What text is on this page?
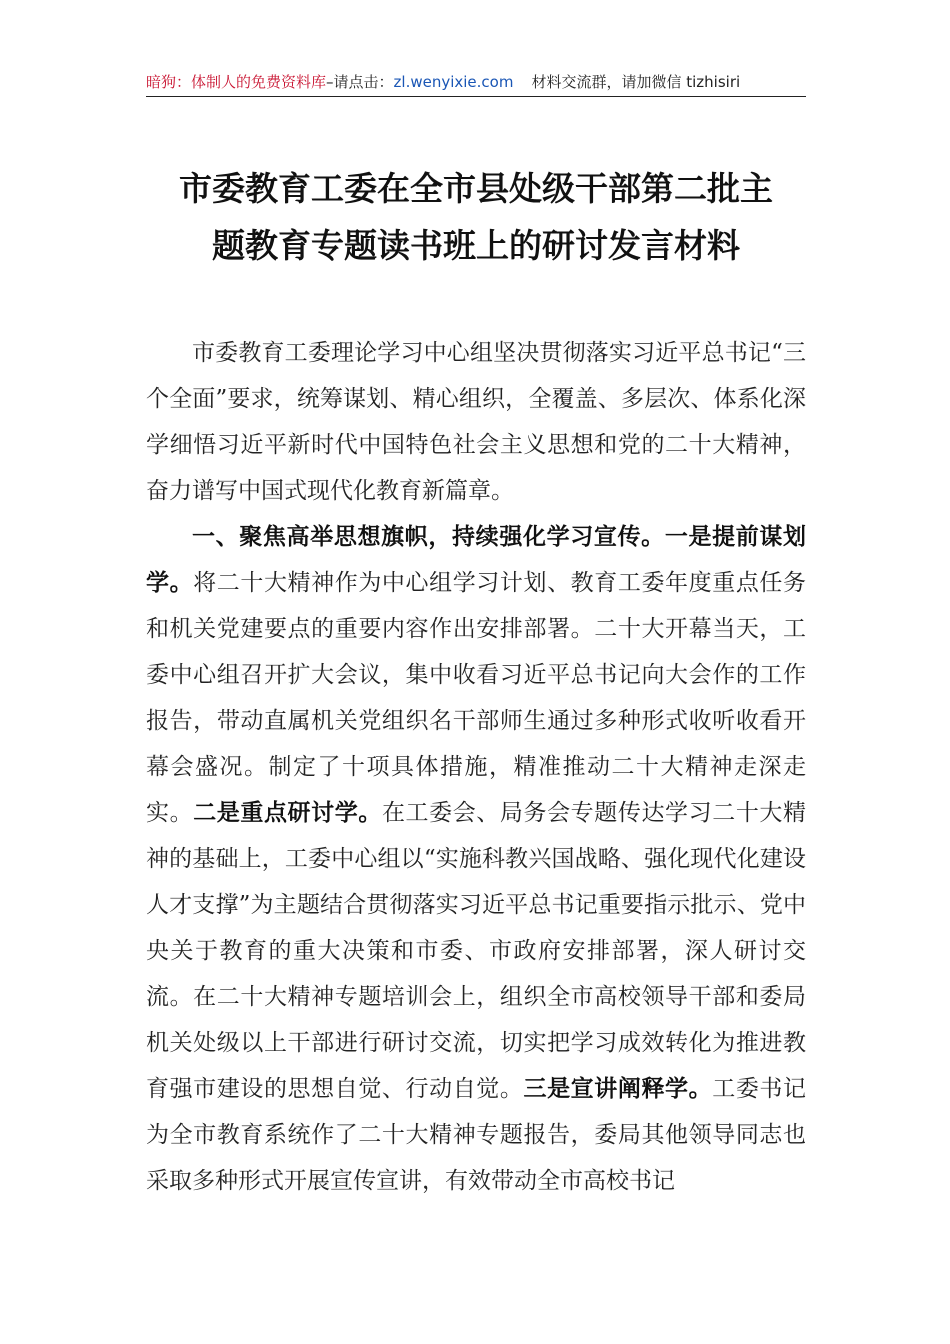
暗狗：体制人的免费资料库–请点击：zl.wenyixie.com 材料交流群，请加微信 tizhisiri
市委教育工委在全市县处级干部第二批主
题教育专题读书班上的研讨发言材料

市委教育工委理论学习中心组坚决贯彻落实习近平总书记“三个全面”要求，统筹谋划、精心组织，全覆盖、多层次、体系化深学细悟习近平新时代中国特色社会主义思想和党的二十大精神，奋力谱写中国式现代化教育新篇章。

一、聚焦高举思想旗帜，持续强化学习宣传。一是提前谋划学。将二十大精神作为中心组学习计划、教育工委年度重点任务和机关党建要点的重要内容作出安排部署。二十大开幕当天，工委中心组召开扩大会议，集中收看习近平总书记向大会作的工作报告，带动直属机关党组织名干部师生通过多种形式收听收看开幕会盛况。制定了十项具体措施，精准推动二十大精神走深走实。二是重点研讨学。在工委会、局务会专题传达学习二十大精神的基础上，工委中心组以“实施科教兴国战略、强化现代化建设人才支撑”为主题结合贯彻落实习近平总书记重要指示批示、党中央关于教育的重大决策和市委、市政府安排部署，深人研讨交流。在二十大精神专题培训会上，组织全市高校领导干部和委局机关处级以上干部进行研讨交流，切实把学习成效转化为推进教育强市建设的思想自觉、行动自觉。三是宣讲阐释学。工委书记为全市教育系统作了二十大精神专题报告，委局其他领导同志也采取多种形式开展宣传宣讲，有效带动全市高校书记
